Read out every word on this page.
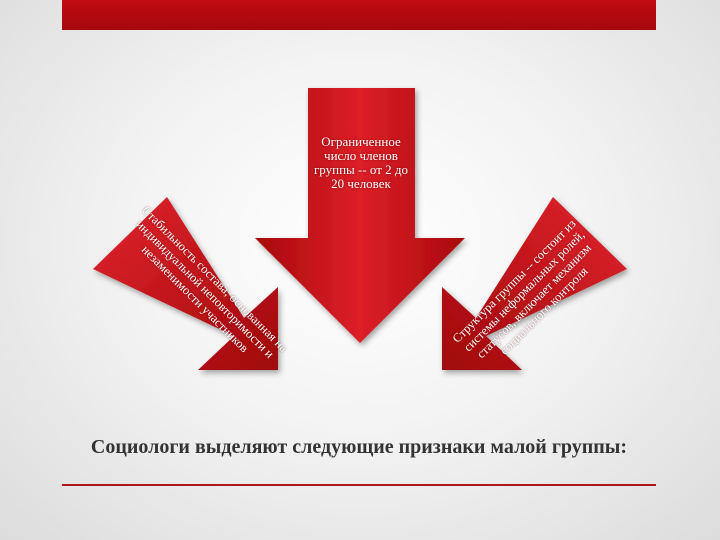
Ограниченное число членов группы -- от 2 до 20 человек
Стабильность состава, основанная на индивидуальной неповторимости и незаменимости участников	Структура группы -- состоит из системы неформальных ролей, статусов, включает механизм социального контроля
Социологи выделяют следующие признаки малой группы:
